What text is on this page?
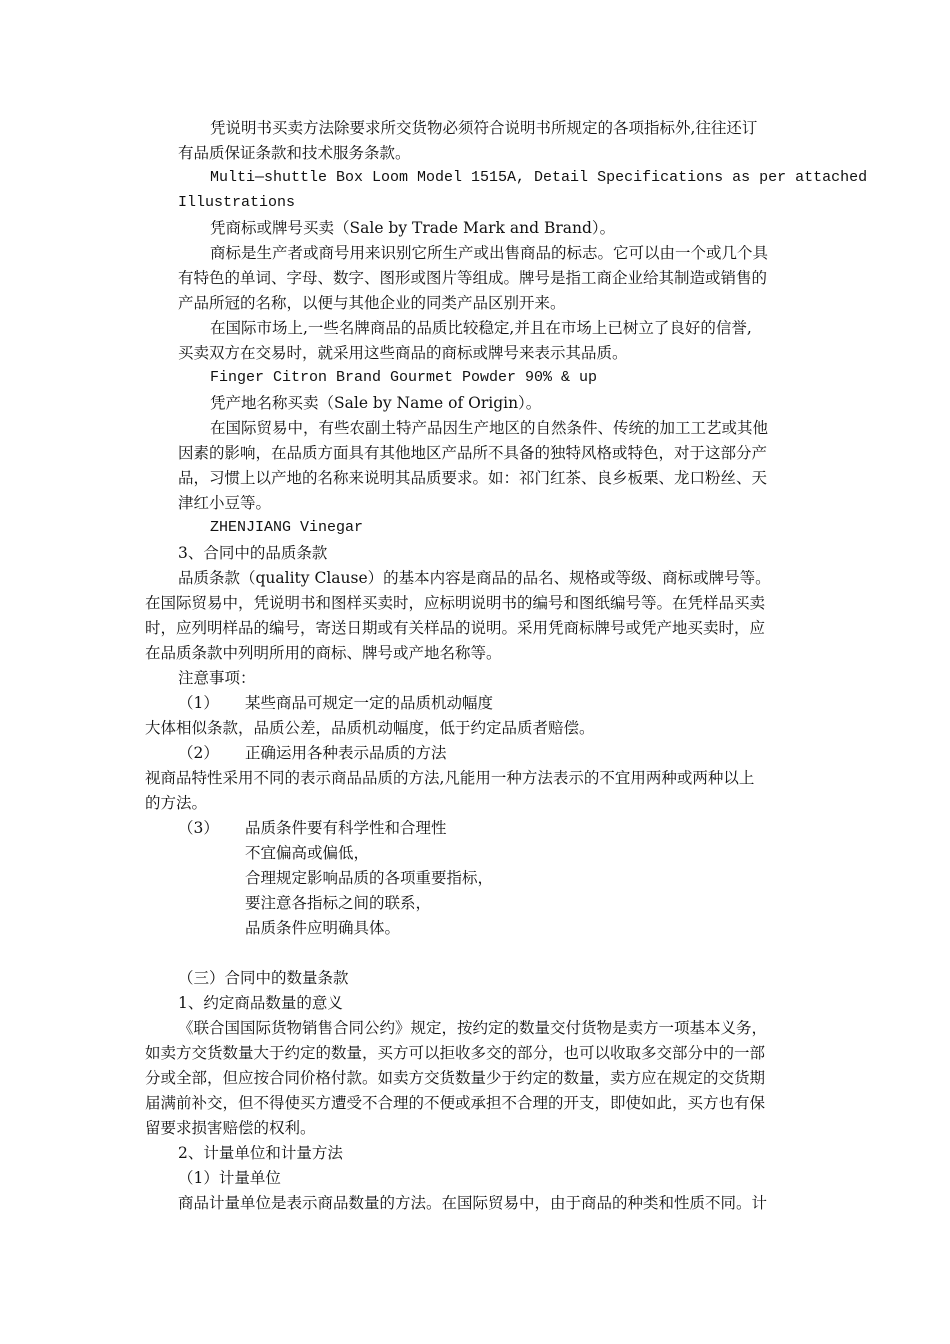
凭说明书买卖方法除要求所交货物必须符合说明书所规定的各项指标外,往往还订
有品质保证条款和技术服务条款。
Multi—shuttle Box Loom Model 1515A, Detail Specifications as per attached
Illustrations
凭商标或牌号买卖（Sale by Trade Mark and Brand）。
商标是生产者或商号用来识别它所生产或出售商品的标志。它可以由一个或几个具
有特色的单词、字母、数字、图形或图片等组成。牌号是指工商企业给其制造或销售的
产品所冠的名称，以便与其他企业的同类产品区别开来。
在国际市场上,一些名牌商品的品质比较稳定,并且在市场上已树立了良好的信誉,
买卖双方在交易时，就采用这些商品的商标或牌号来表示其品质。
Finger Citron Brand Gourmet Powder 90% & up
凭产地名称买卖（Sale by Name of Origin）。
在国际贸易中，有些农副土特产品因生产地区的自然条件、传统的加工工艺或其他
因素的影响，在品质方面具有其他地区产品所不具备的独特风格或特色，对于这部分产
品，习惯上以产地的名称来说明其品质要求。如：祁门红茶、良乡板栗、龙口粉丝、天
津红小豆等。
ZHENJIANG Vinegar
3、合同中的品质条款
品质条款（quality Clause）的基本内容是商品的品名、规格或等级、商标或牌号等。
在国际贸易中，凭说明书和图样买卖时，应标明说明书的编号和图纸编号等。在凭样品买卖
时，应列明样品的编号，寄送日期或有关样品的说明。采用凭商标牌号或凭产地买卖时，应
在品质条款中列明所用的商标、牌号或产地名称等。
注意事项：
（1） 某些商品可规定一定的品质机动幅度
大体相似条款，品质公差，品质机动幅度，低于约定品质者赔偿。
（2） 正确运用各种表示品质的方法
视商品特性采用不同的表示商品品质的方法,凡能用一种方法表示的不宜用两种或两种以上
的方法。
（3） 品质条件要有科学性和合理性
不宜偏高或偏低，
合理规定影响品质的各项重要指标，
要注意各指标之间的联系，
品质条件应明确具体。
（三）合同中的数量条款
1、约定商品数量的意义
《联合国国际货物销售合同公约》规定，按约定的数量交付货物是卖方一项基本义务，
如卖方交货数量大于约定的数量，买方可以拒收多交的部分，也可以收取多交部分中的一部
分或全部，但应按合同价格付款。如卖方交货数量少于约定的数量，卖方应在规定的交货期
届满前补交，但不得使买方遭受不合理的不便或承担不合理的开支，即使如此，买方也有保
留要求损害赔偿的权利。
2、计量单位和计量方法
（1）计量单位
商品计量单位是表示商品数量的方法。在国际贸易中，由于商品的种类和性质不同。计
